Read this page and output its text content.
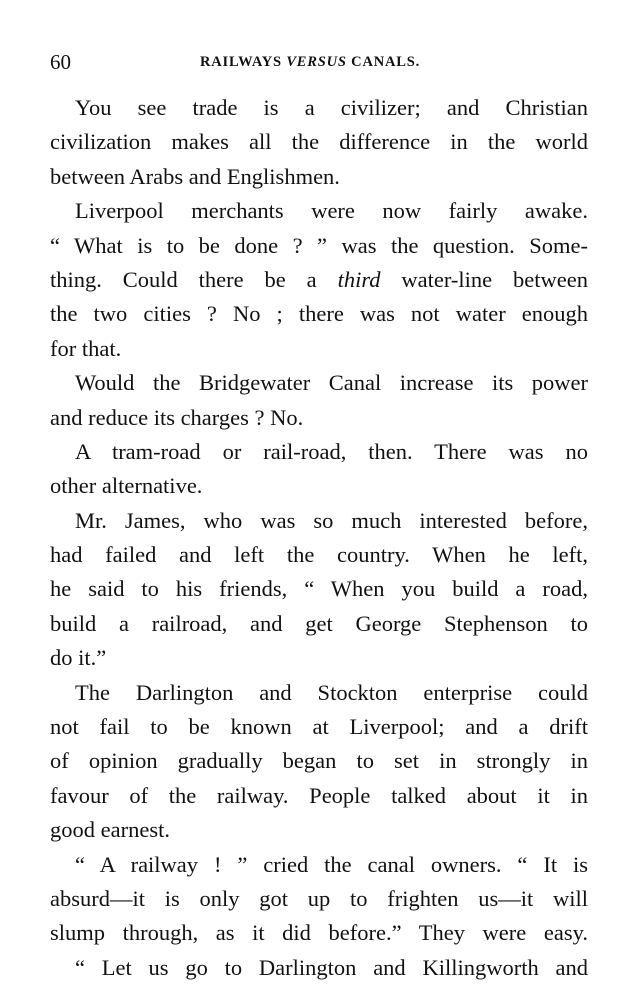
60	RAILWAYS VERSUS CANALS.
You see trade is a civilizer; and Christian
civilization makes all the difference in the world
between Arabs and Englishmen.
Liverpool merchants were now fairly awake.
“ What is to be done ? ” was the question. Some-
thing. Could there be a third water-line between
the two cities ? No ; there was not water enough
for that.
Would the Bridgewater Canal increase its power
and reduce its charges ? No.
A tram-road or rail-road, then. There was no
other alternative.
Mr. James, who was so much interested before,
had failed and left the country. When he left,
he said to his friends, “ When you build a road,
build a railroad, and get George Stephenson to
do it.”
The Darlington and Stockton enterprise could
not fail to be known at Liverpool; and a drift
of opinion gradually began to set in strongly in
favour of the railway. People talked about it in
good earnest.
“ A railway ! ” cried the canal owners. “ It is
absurd—it is only got up to frighten us—it will
slump through, as it did before.” They were easy.
“ Let us go to Darlington and Killingworth and
